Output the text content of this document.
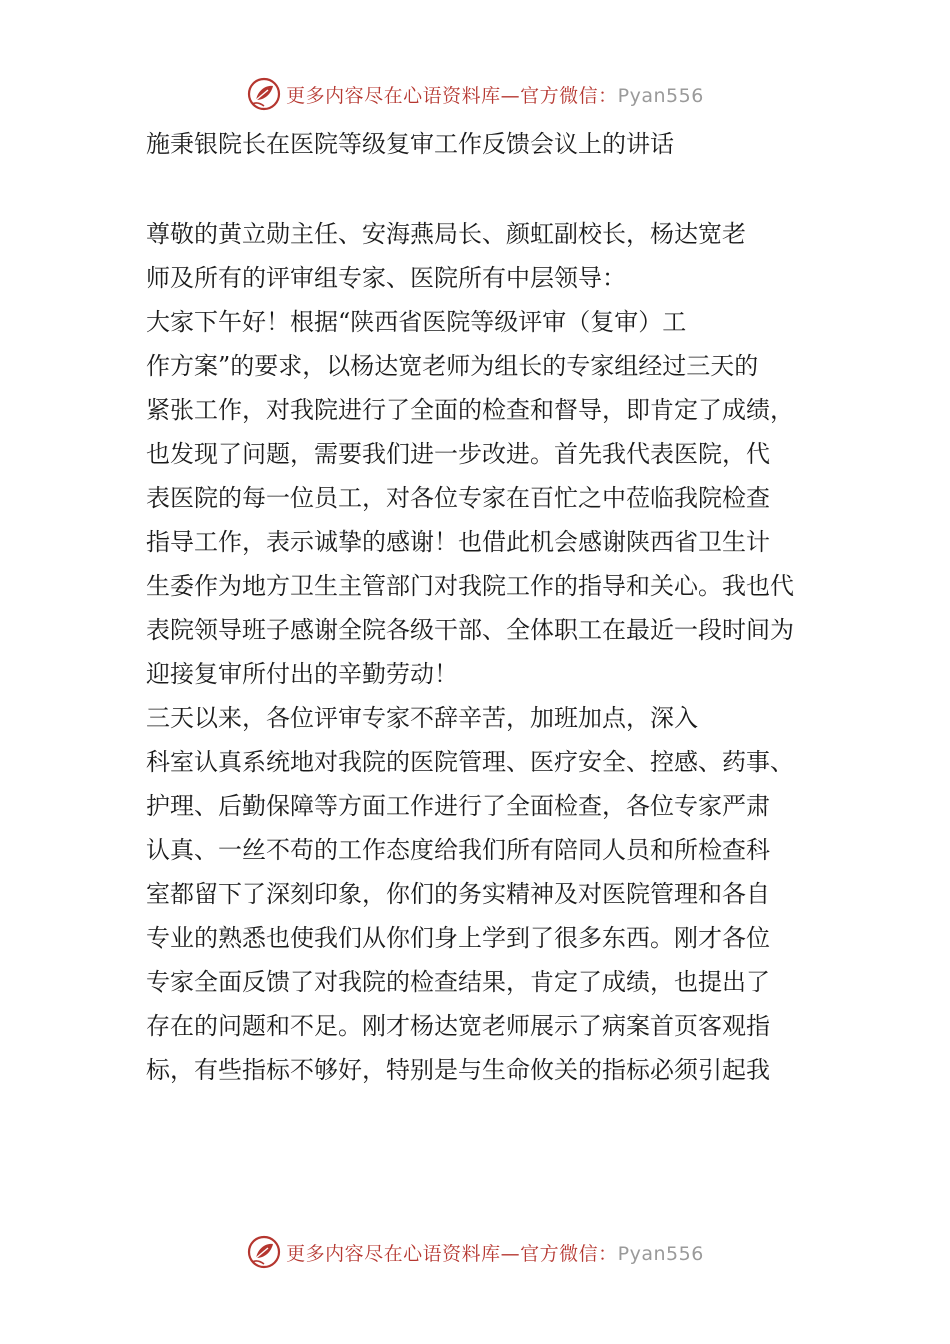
更多内容尽在心语资料库—官方微信：Pyan556
施秉银院长在医院等级复审工作反馈会议上的讲话
尊敬的黄立勋主任、安海燕局长、颜虹副校长，杨达宽老
师及所有的评审组专家、医院所有中层领导：
大家下午好！根据“陕西省医院等级评审（复审）工
作方案”的要求，以杨达宽老师为组长的专家组经过三天的
紧张工作，对我院进行了全面的检查和督导，即肯定了成绩，
也发现了问题，需要我们进一步改进。首先我代表医院，代
表医院的每一位员工，对各位专家在百忙之中莅临我院检查
指导工作，表示诚挚的感谢！也借此机会感谢陕西省卫生计
生委作为地方卫生主管部门对我院工作的指导和关心。我也代
表院领导班子感谢全院各级干部、全体职工在最近一段时间为
迎接复审所付出的辛勤劳动！
三天以来，各位评审专家不辞辛苦，加班加点，深入
科室认真系统地对我院的医院管理、医疗安全、控感、药事、
护理、后勤保障等方面工作进行了全面检查，各位专家严肃
认真、一丝不苟的工作态度给我们所有陪同人员和所检查科
室都留下了深刻印象，你们的务实精神及对医院管理和各自
专业的熟悉也使我们从你们身上学到了很多东西。刚才各位
专家全面反馈了对我院的检查结果，肯定了成绩，也提出了
存在的问题和不足。刚才杨达宽老师展示了病案首页客观指
标，有些指标不够好，特别是与生命攸关的指标必须引起我
更多内容尽在心语资料库—官方微信：Pyan556
